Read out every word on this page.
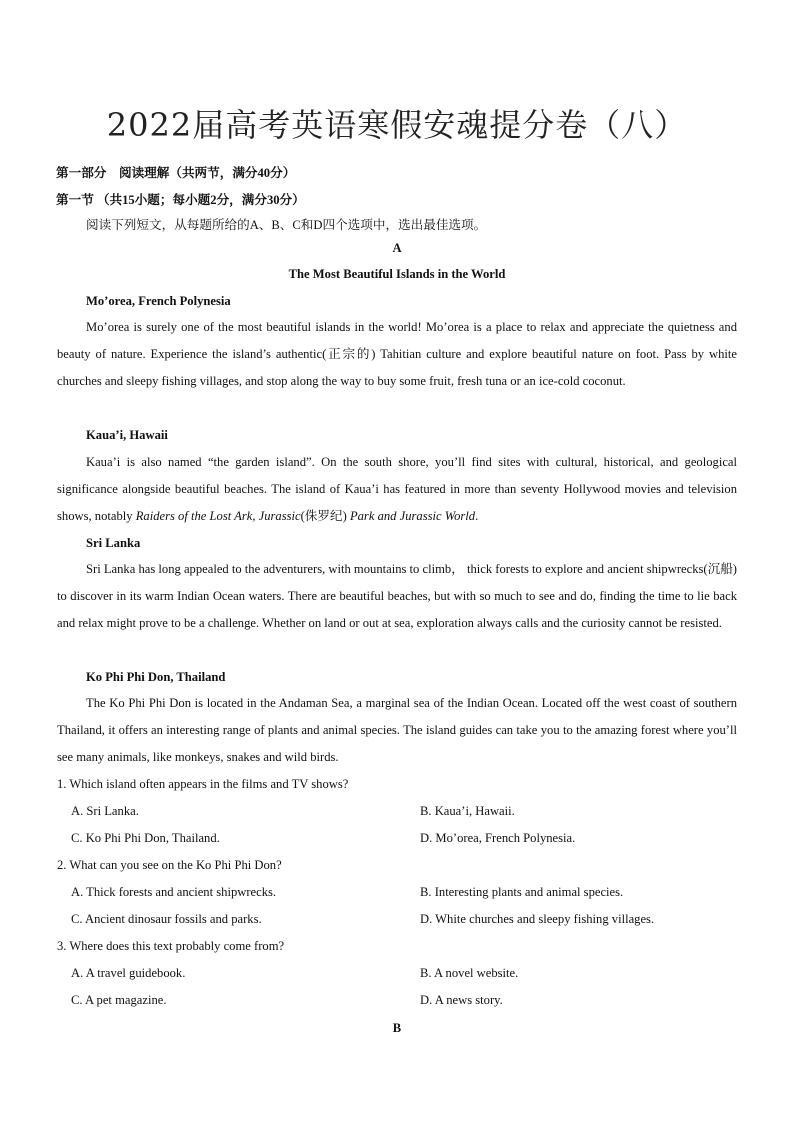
2022届高考英语寒假安魂提分卷（八）
第一部分　阅读理解（共两节，满分40分）
第一节 （共15小题；每小题2分，满分30分）
阅读下列短文，从每题所给的A、B、C和D四个选项中，选出最佳选项。
A
The Most Beautiful Islands in the World
Mo’orea, French Polynesia
Mo’orea is surely one of the most beautiful islands in the world! Mo’orea is a place to relax and appreciate the quietness and beauty of nature. Experience the island’s authentic(正宗的) Tahitian culture and explore beautiful nature on foot. Pass by white churches and sleepy fishing villages, and stop along the way to buy some fruit, fresh tuna or an ice-cold coconut.
Kaua’i, Hawaii
Kaua’i is also named “the garden island”. On the south shore, you’ll find sites with cultural, historical, and geological significance alongside beautiful beaches. The island of Kaua’i has featured in more than seventy Hollywood movies and television shows, notably Raiders of the Lost Ark, Jurassic(侏罗纪) Park and Jurassic World.
Sri Lanka
Sri Lanka has long appealed to the adventurers, with mountains to climb， thick forests to explore and ancient shipwrecks(沉船) to discover in its warm Indian Ocean waters. There are beautiful beaches, but with so much to see and do, finding the time to lie back and relax might prove to be a challenge. Whether on land or out at sea, exploration always calls and the curiosity cannot be resisted.
Ko Phi Phi Don, Thailand
The Ko Phi Phi Don is located in the Andaman Sea, a marginal sea of the Indian Ocean. Located off the west coast of southern Thailand, it offers an interesting range of plants and animal species. The island guides can take you to the amazing forest where you’ll see many animals, like monkeys, snakes and wild birds.
1. Which island often appears in the films and TV shows?
A. Sri Lanka.	B. Kaua’i, Hawaii.
C. Ko Phi Phi Don, Thailand.	D. Mo’orea, French Polynesia.
2. What can you see on the Ko Phi Phi Don?
A. Thick forests and ancient shipwrecks.	B. Interesting plants and animal species.
C. Ancient dinosaur fossils and parks.	D. White churches and sleepy fishing villages.
3. Where does this text probably come from?
A. A travel guidebook.	B. A novel website.
C. A pet magazine.	D. A news story.
B
